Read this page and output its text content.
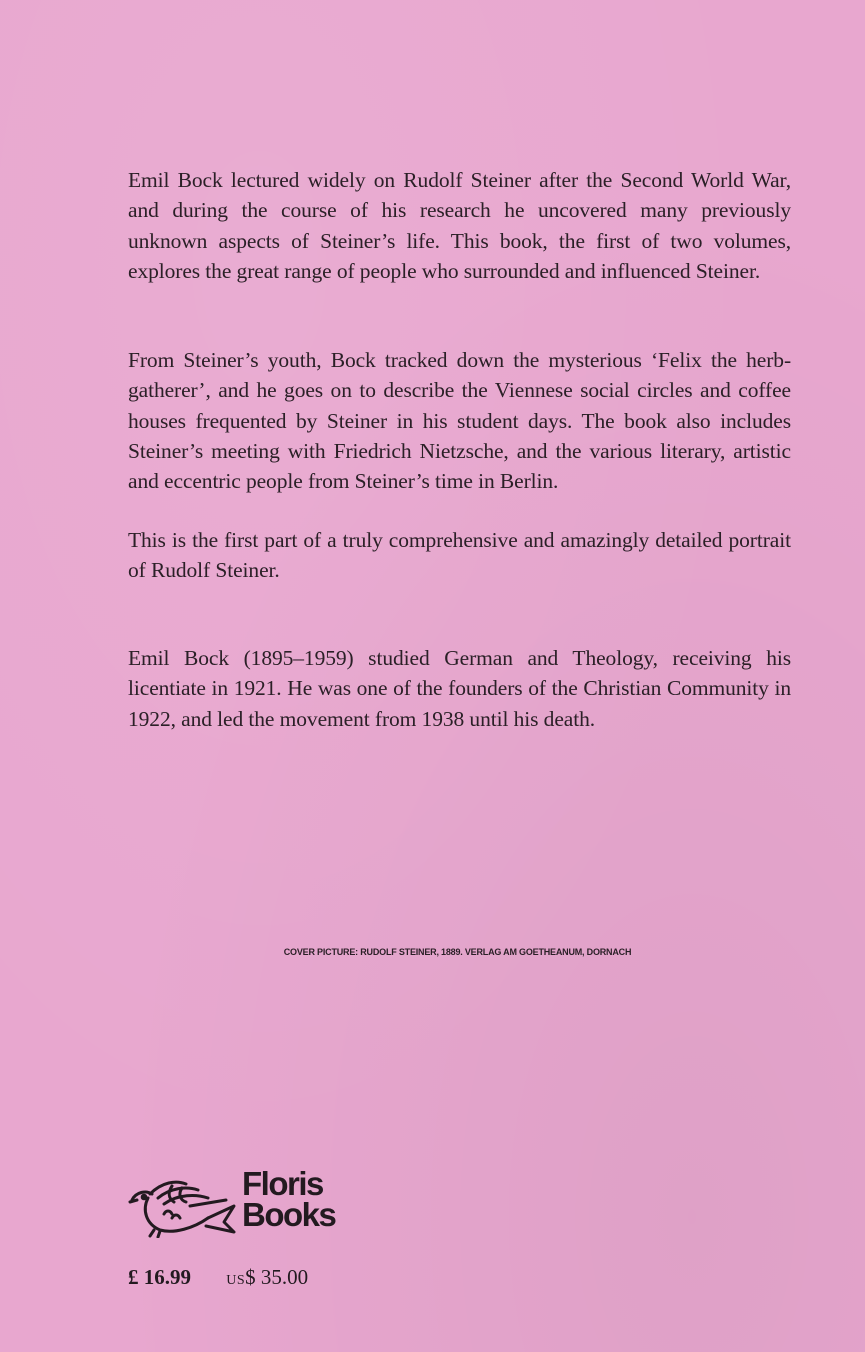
Emil Bock lectured widely on Rudolf Steiner after the Second World War, and during the course of his research he uncovered many previously unknown aspects of Steiner’s life. This book, the first of two volumes, explores the great range of people who surrounded and influenced Steiner.

From Steiner’s youth, Bock tracked down the mysterious ‘Felix the herb-gatherer’, and he goes on to describe the Viennese social circles and coffee houses frequented by Steiner in his student days. The book also includes Steiner’s meeting with Friedrich Nietzsche, and the various literary, artistic and eccentric people from Steiner’s time in Berlin.

This is the first part of a truly comprehensive and amazingly detailed portrait of Rudolf Steiner.

Emil Bock (1895–1959) studied German and Theology, receiving his licentiate in 1921. He was one of the founders of the Christian Community in 1922, and led the movement from 1938 until his death.

COVER PICTURE: RUDOLF STEINER, 1889. VERLAG AM GOETHEANUM, DORNACH
Floris
Books
£ 16.99	US$ 35.00
